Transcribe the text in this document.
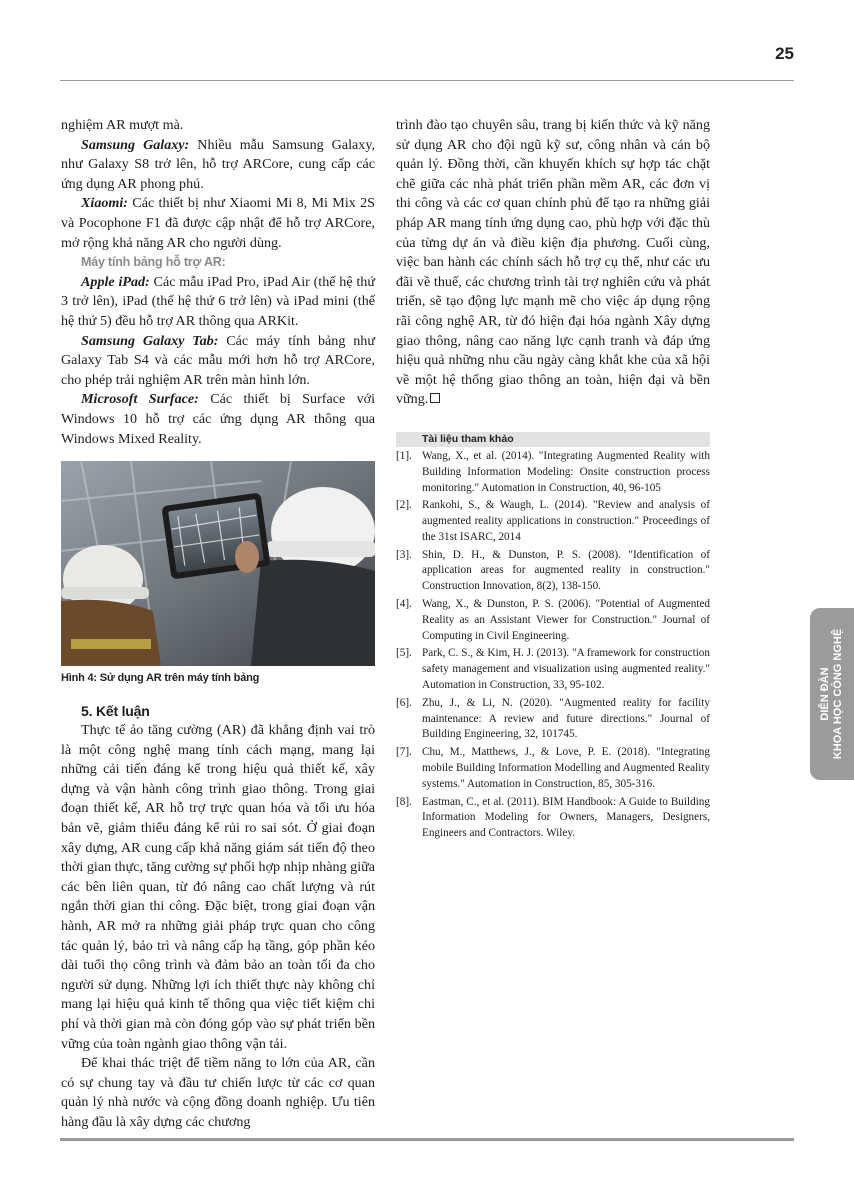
25

nghiệm AR mượt mà.

Samsung Galaxy: Nhiều mẫu Samsung Galaxy, như Galaxy S8 trở lên, hỗ trợ ARCore, cung cấp các ứng dụng AR phong phú.

Xiaomi: Các thiết bị như Xiaomi Mi 8, Mi Mix 2S và Pocophone F1 đã được cập nhật để hỗ trợ ARCore, mở rộng khả năng AR cho người dùng.

Máy tính bảng hỗ trợ AR:

Apple iPad: Các mẫu iPad Pro, iPad Air (thế hệ thứ 3 trở lên), iPad (thế hệ thứ 6 trở lên) và iPad mini (thế hệ thứ 5) đều hỗ trợ AR thông qua ARKit.

Samsung Galaxy Tab: Các máy tính bảng như Galaxy Tab S4 và các mẫu mới hơn hỗ trợ ARCore, cho phép trải nghiệm AR trên màn hình lớn.

Microsoft Surface: Các thiết bị Surface với Windows 10 hỗ trợ các ứng dụng AR thông qua Windows Mixed Reality.

Hình 4: Sử dụng AR trên máy tính bảng
5. Kết luận

Thực tế ảo tăng cường (AR) đã khẳng định vai trò là một công nghệ mang tính cách mạng, mang lại những cải tiến đáng kể trong hiệu quả thiết kế, xây dựng và vận hành công trình giao thông. Trong giai đoạn thiết kế, AR hỗ trợ trực quan hóa và tối ưu hóa bản vẽ, giảm thiểu đáng kể rủi ro sai sót. Ở giai đoạn xây dựng, AR cung cấp khả năng giám sát tiến độ theo thời gian thực, tăng cường sự phối hợp nhịp nhàng giữa các bên liên quan, từ đó nâng cao chất lượng và rút ngắn thời gian thi công. Đặc biệt, trong giai đoạn vận hành, AR mở ra những giải pháp trực quan cho công tác quản lý, bảo trì và nâng cấp hạ tầng, góp phần kéo dài tuổi thọ công trình và đảm bảo an toàn tối đa cho người sử dụng. Những lợi ích thiết thực này không chỉ mang lại hiệu quả kinh tế thông qua việc tiết kiệm chi phí và thời gian mà còn đóng góp vào sự phát triển bền vững của toàn ngành giao thông vận tải.

Để khai thác triệt để tiềm năng to lớn của AR, cần có sự chung tay và đầu tư chiến lược từ các cơ quan quản lý nhà nước và cộng đồng doanh nghiệp. Ưu tiên hàng đầu là xây dựng các chương

trình đào tạo chuyên sâu, trang bị kiến thức và kỹ năng sử dụng AR cho đội ngũ kỹ sư, công nhân và cán bộ quản lý. Đồng thời, cần khuyến khích sự hợp tác chặt chẽ giữa các nhà phát triển phần mềm AR, các đơn vị thi công và các cơ quan chính phủ để tạo ra những giải pháp AR mang tính ứng dụng cao, phù hợp với đặc thù của từng dự án và điều kiện địa phương. Cuối cùng, việc ban hành các chính sách hỗ trợ cụ thể, như các ưu đãi về thuế, các chương trình tài trợ nghiên cứu và phát triển, sẽ tạo động lực mạnh mẽ cho việc áp dụng rộng rãi công nghệ AR, từ đó hiện đại hóa ngành Xây dựng giao thông, nâng cao năng lực cạnh tranh và đáp ứng hiệu quả những nhu cầu ngày càng khắt khe của xã hội về một hệ thống giao thông an toàn, hiện đại và bền vững.

Tài liệu tham khảo
[1]. Wang, X., et al. (2014). "Integrating Augmented Reality with Building Information Modeling: Onsite construction process monitoring." Automation in Construction, 40, 96-105
[2]. Rankohi, S., & Waugh, L. (2014). "Review and analysis of augmented reality applications in construction." Proceedings of the 31st ISARC, 2014
[3]. Shin, D. H., & Dunston, P. S. (2008). "Identification of application areas for augmented reality in construction." Construction Innovation, 8(2), 138-150.
[4]. Wang, X., & Dunston, P. S. (2006). "Potential of Augmented Reality as an Assistant Viewer for Construction." Journal of Computing in Civil Engineering.
[5]. Park, C. S., & Kim, H. J. (2013). "A framework for construction safety management and visualization using augmented reality." Automation in Construction, 33, 95-102.
[6]. Zhu, J., & Li, N. (2020). "Augmented reality for facility maintenance: A review and future directions." Journal of Building Engineering, 32, 101745.
[7]. Chu, M., Matthews, J., & Love, P. E. (2018). "Integrating mobile Building Information Modelling and Augmented Reality systems." Automation in Construction, 85, 305-316.
[8]. Eastman, C., et al. (2011). BIM Handbook: A Guide to Building Information Modeling for Owners, Managers, Designers, Engineers and Contractors. Wiley.
DIỄN ĐÀN KHOA HỌC CÔNG NGHỆ
